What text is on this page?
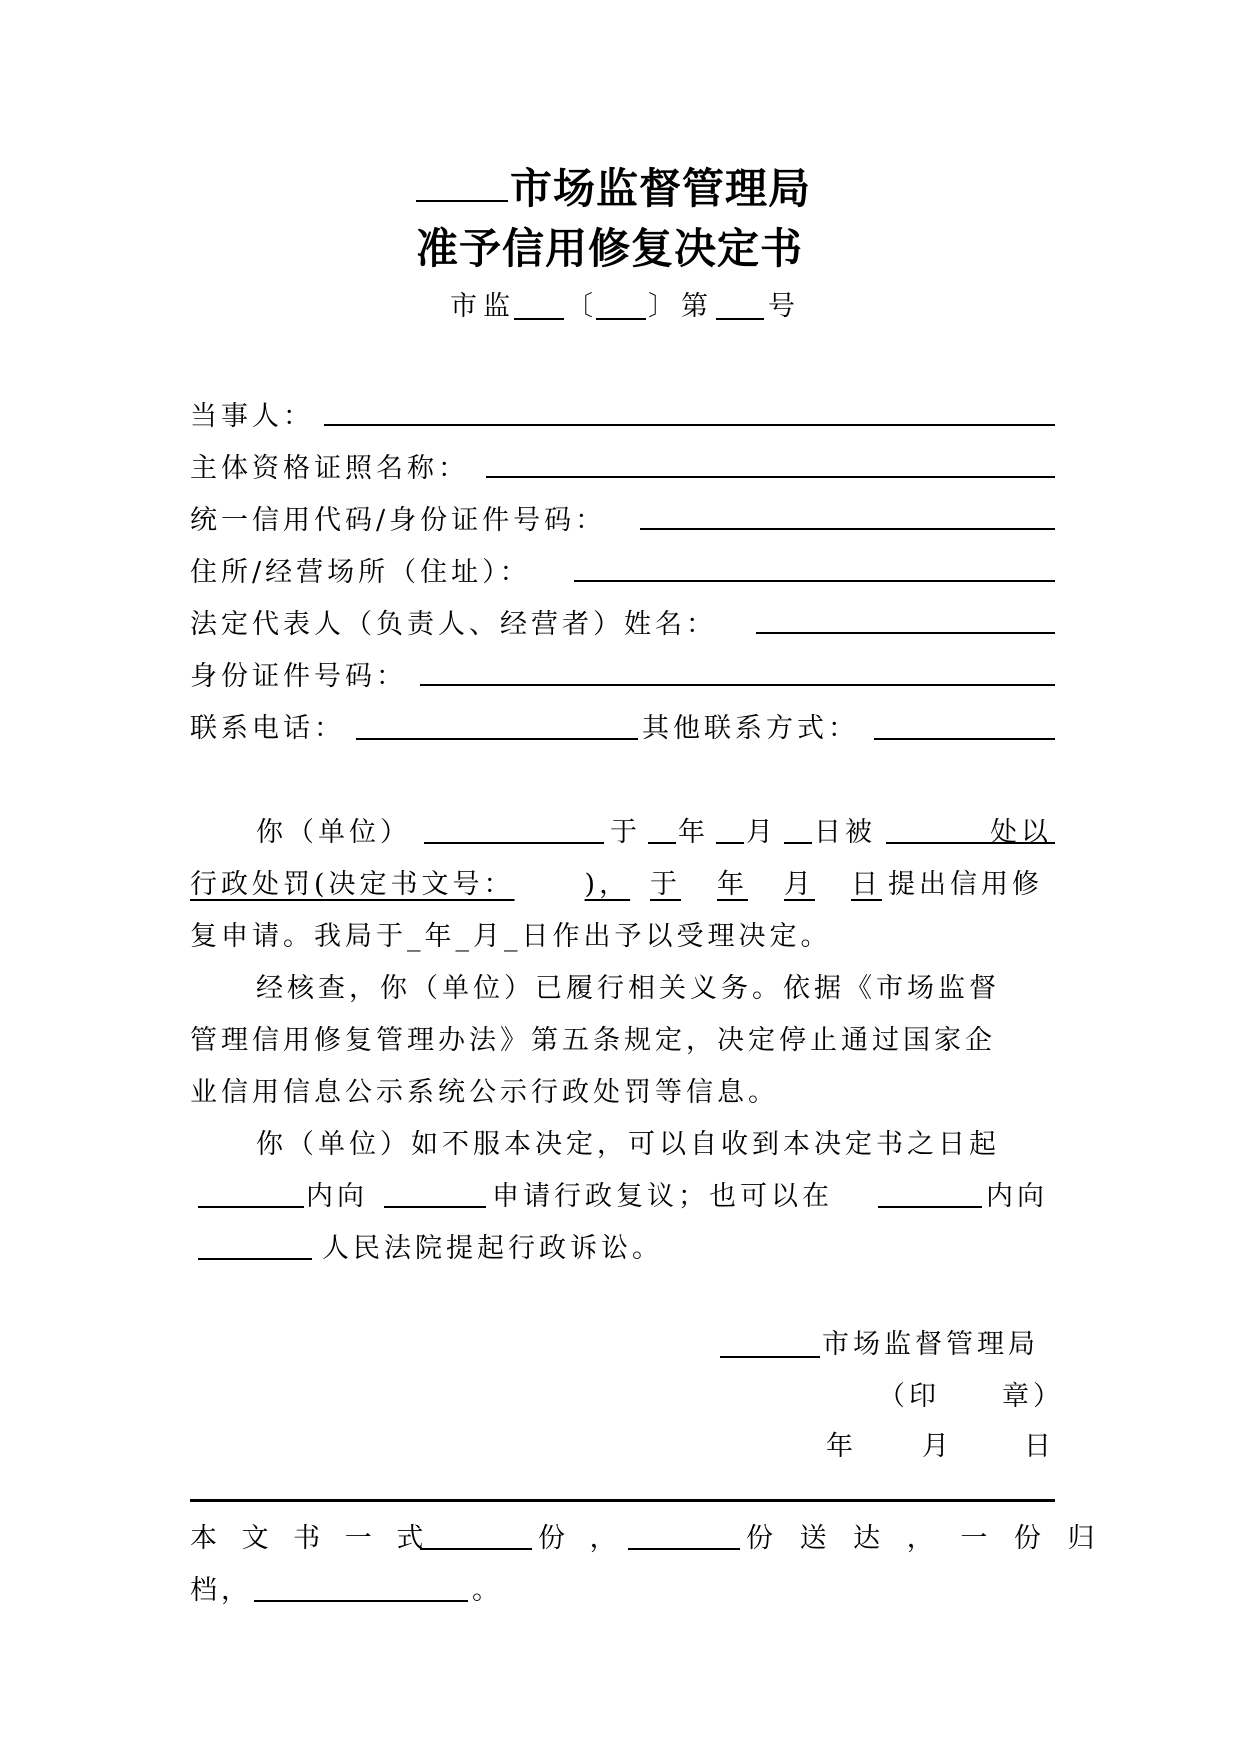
市场监督管理局
准予信用修复决定书
市监 〔 〕第 号
当事人：
主体资格证照名称：
统一信用代码/身份证件号码：
住所/经营场所（住址）：
法定代表人（负责人、经营者）姓名：
身份证件号码：
联系电话：	其他联系方式：
你（单位）	于 年 月 日被	处以
行政处罚(决定书文号：	)， 于 年 月 日 提出信用修
复申请。我局于_年_月_日作出予以受理决定。
经核查，你（单位）已履行相关义务。依据《市场监督
管理信用修复管理办法》第五条规定，决定停止通过国家企
业信用信息公示系统公示行政处罚等信息。
你（单位）如不服本决定，可以自收到本决定书之日起
内向	申请行政复议；也可以在	内向
人民法院提起行政诉讼。
市场监督管理局
（印　　章）
年 月	日
本 文 书 一 式	份 ，	份 送 达 ， 一 份 归
档，	。
